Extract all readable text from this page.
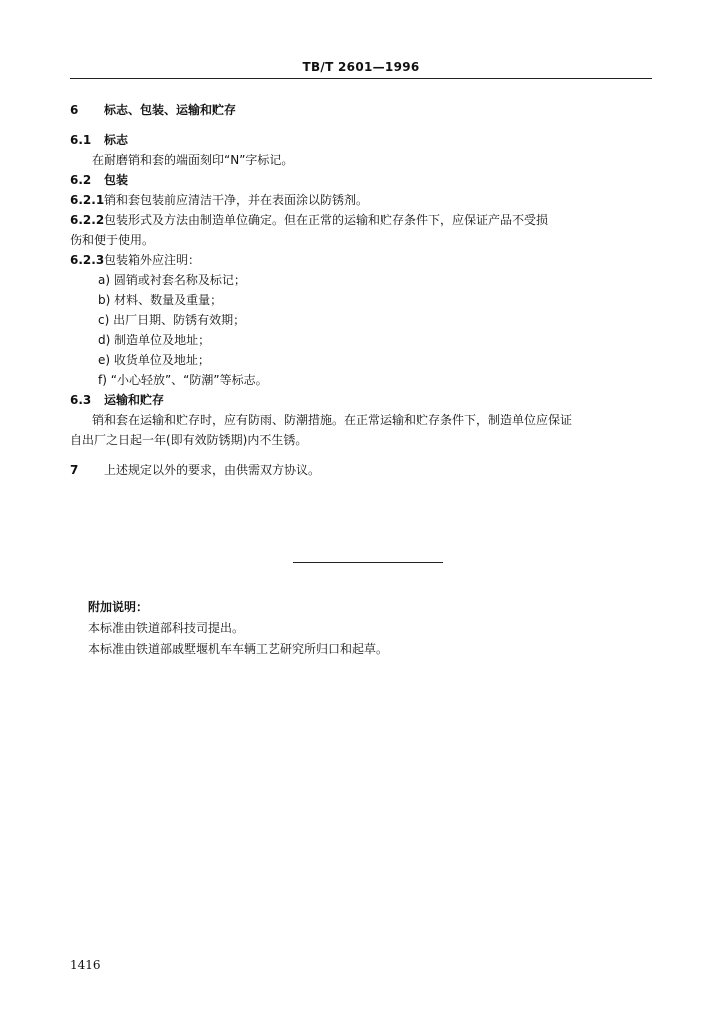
TB/T 2601—1996
6 标志、包装、运输和贮存
6.1 标志
在耐磨销和套的端面刻印“N”字标记。
6.2 包装
6.2.1销和套包装前应清洁干净，并在表面涂以防锈剂。
6.2.2包装形式及方法由制造单位确定。但在正常的运输和贮存条件下，应保证产品不受损
伤和便于使用。
6.2.3包装箱外应注明：
a) 圆销或衬套名称及标记；
b) 材料、数量及重量；
c) 出厂日期、防锈有效期；
d) 制造单位及地址；
e) 收货单位及地址；
f) “小心轻放”、“防潮”等标志。
6.3 运输和贮存
销和套在运输和贮存时，应有防雨、防潮措施。在正常运输和贮存条件下，制造单位应保证
自出厂之日起一年(即有效防锈期)内不生锈。
7 上述规定以外的要求，由供需双方协议。
附加说明：
本标准由铁道部科技司提出。
本标准由铁道部戚墅堰机车车辆工艺研究所归口和起草。
1416
